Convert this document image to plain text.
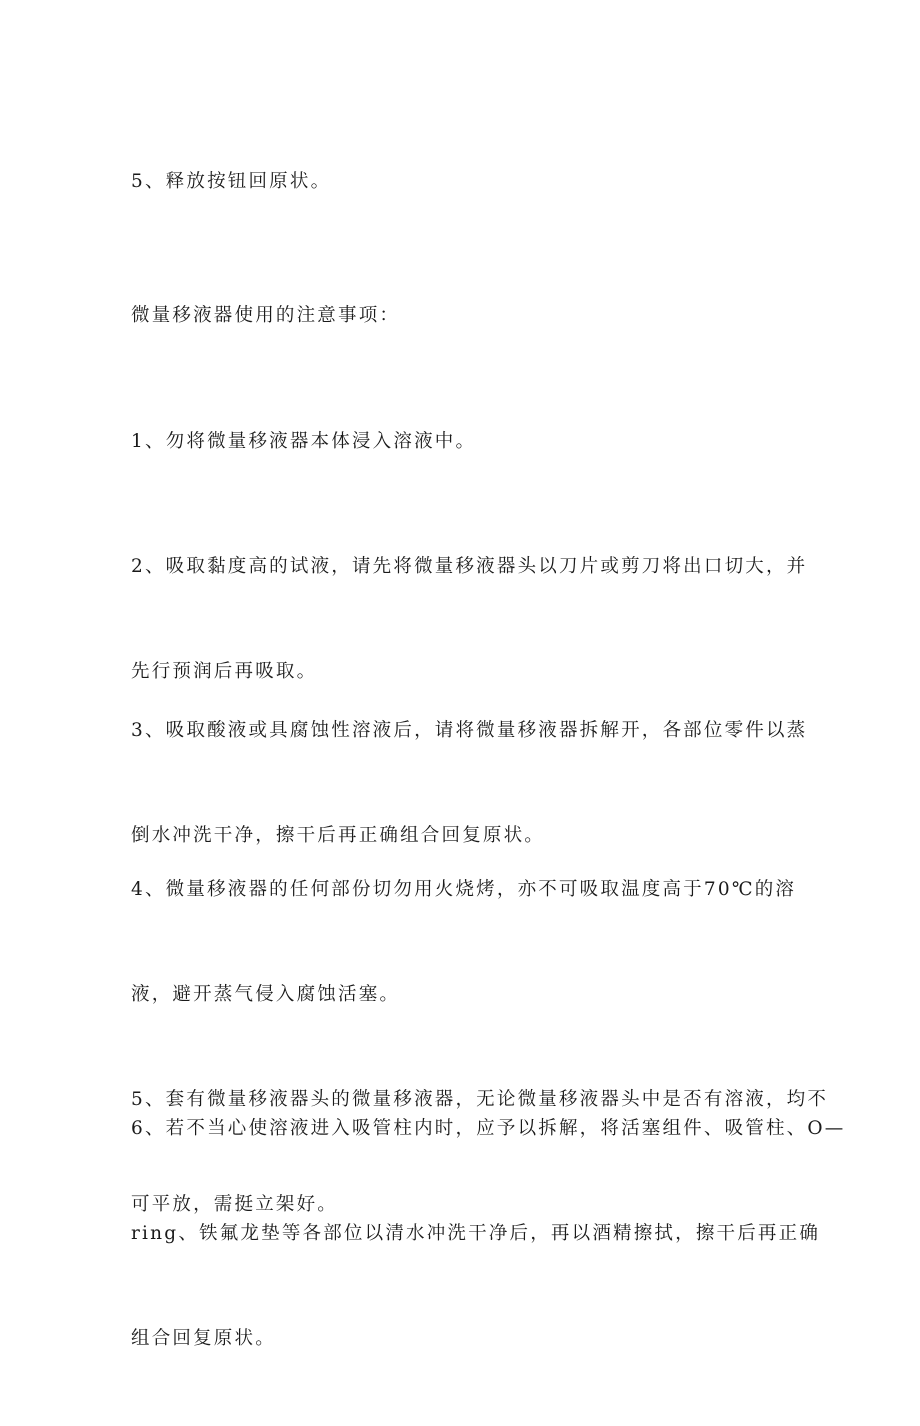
5、释放按钮回原状。

微量移液器使用的注意事项：

1、勿将微量移液器本体浸入溶液中。

2、吸取黏度高的试液，请先将微量移液器头以刀片或剪刀将出口切大，并

先行预润后再吸取。

3、吸取酸液或具腐蚀性溶液后，请将微量移液器拆解开，各部位零件以蒸

倒水冲洗干净，擦干后再正确组合回复原状。

4、微量移液器的任何部份切勿用火烧烤，亦不可吸取温度高于70℃的溶

液，避开蒸气侵入腐蚀活塞。

5、套有微量移液器头的微量移液器，无论微量移液器头中是否有溶液，均不

可平放，需挺立架好。

6、若不当心使溶液进入吸管柱内时，应予以拆解，将活塞组件、吸管柱、O—

ring、铁氟龙垫等各部位以清水冲洗干净后，再以酒精擦拭，擦干后再正确

组合回复原状。
